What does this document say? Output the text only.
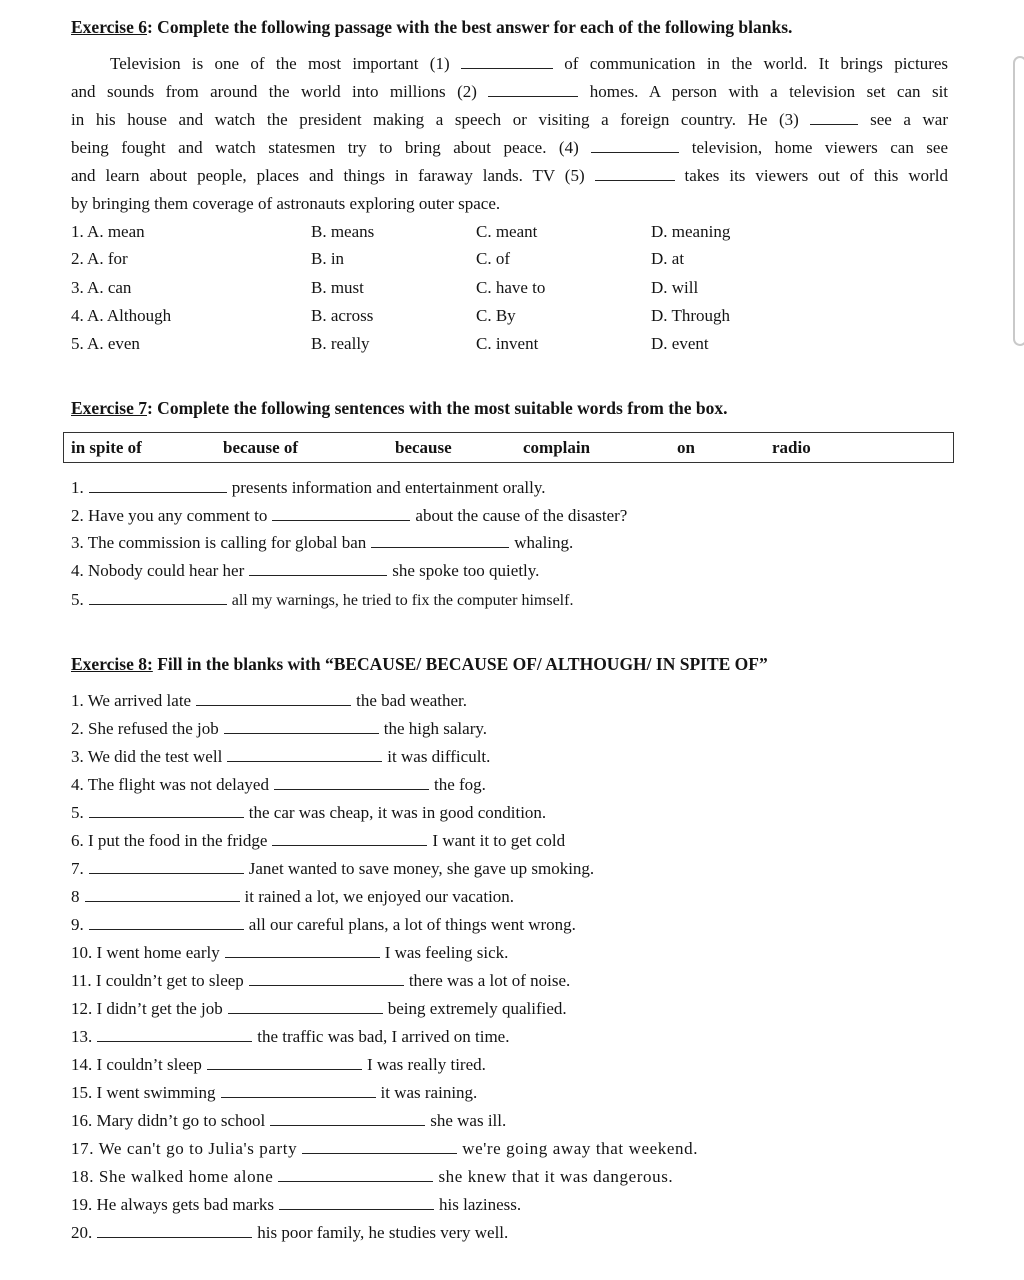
Exercise 6: Complete the following passage with the best answer for each of the following blanks.
Television is one of the most important (1)	of communication in the world. It brings pictures
and sounds from around the world into millions (2)	homes. A person with a television set can sit
in his house and watch the president making a speech or visiting a foreign country. He (3)	see a war
being fought and watch statesmen try to bring about peace. (4)	television, home viewers can see
and learn about people, places and things in faraway lands. TV (5)	takes its viewers out of this world
by bringing them coverage of astronauts exploring outer space.
1. A. mean	B. means	C. meant	D. meaning
2. A. for	B. in	C. of	D. at
3. A. can	B. must	C. have to	D. will
4. A. Although	B. across	C. By	D. Through
5. A. even	B. really	C. invent	D. event
Exercise 7: Complete the following sentences with the most suitable words from the box.
in spite of	because of	because	complain	on	radio
1.	presents information and entertainment orally.
2. Have you any comment to	about the cause of the disaster?
3. The commission is calling for global ban	whaling.
4. Nobody could hear her	she spoke too quietly.
5.	all my warnings, he tried to fix the computer himself.
Exercise 8: Fill in the blanks with “BECAUSE/ BECAUSE OF/ ALTHOUGH/ IN SPITE OF”
1. We arrived late	the bad weather.
2. She refused the job	the high salary.
3. We did the test well	it was difficult.
4. The flight was not delayed	the fog.
5.	the car was cheap, it was in good condition.
6. I put the food in the fridge	I want it to get cold
7.	Janet wanted to save money, she gave up smoking.
8	it rained a lot, we enjoyed our vacation.
9.	all our careful plans, a lot of things went wrong.
10. I went home early	I was feeling sick.
11. I couldn’t get to sleep	there was a lot of noise.
12. I didn’t get the job	being extremely qualified.
13.	the traffic was bad, I arrived on time.
14. I couldn’t sleep	I was really tired.
15. I went swimming	it was raining.
16. Mary didn’t go to school	she was ill.
17. We can't go to Julia's party	we're going away that weekend.
18. She walked home alone	she knew that it was dangerous.
19. He always gets bad marks	his laziness.
20.	his poor family, he studies very well.
